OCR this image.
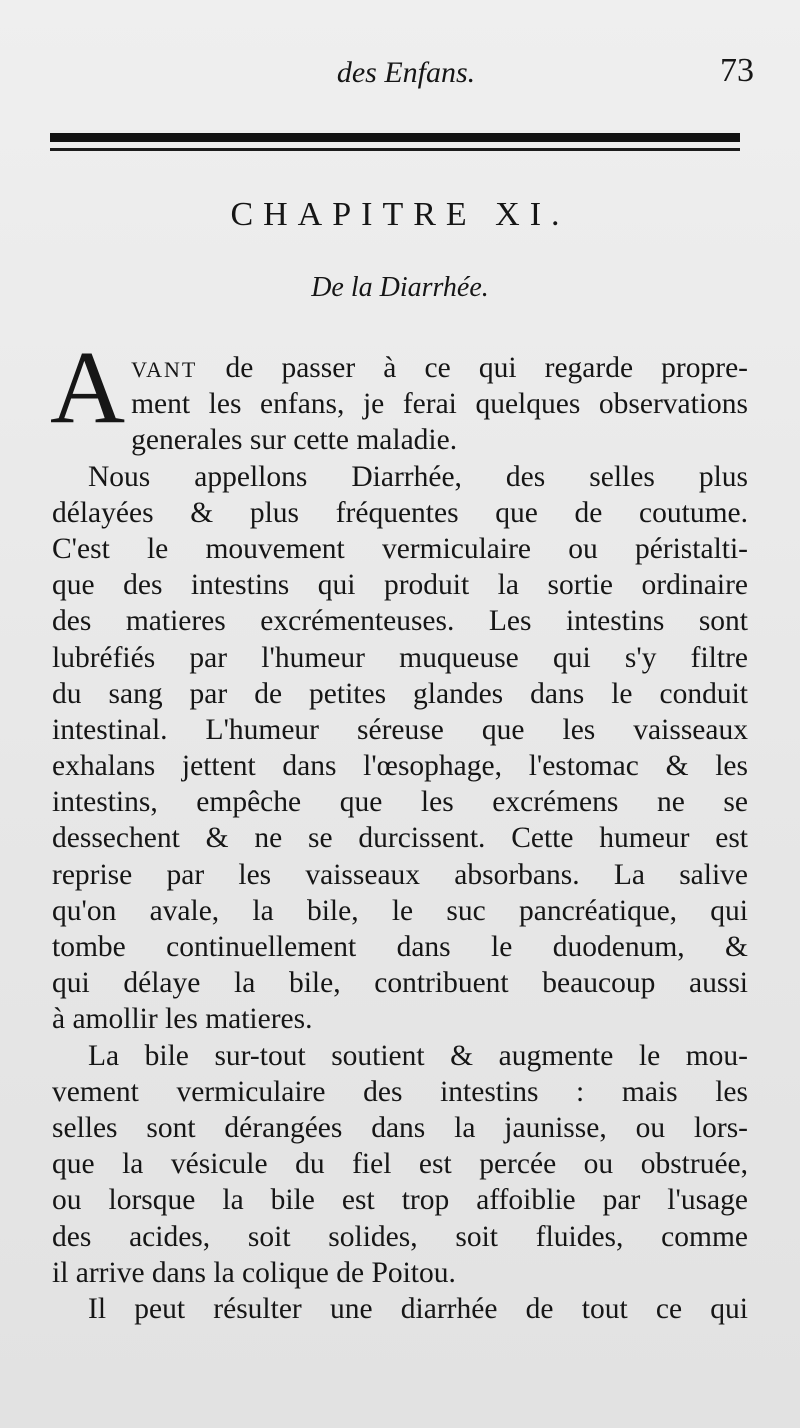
des Enfans.	73
CHAPITRE XI.
De la Diarrhée.
A VANT de passer à ce qui regarde propre-
ment les enfans, je ferai quelques observations
generales sur cette maladie.
Nous appellons Diarrhée, des selles plus
délayées & plus fréquentes que de coutume.
C'est le mouvement vermiculaire ou péristalti-
que des intestins qui produit la sortie ordinaire
des matieres excrémenteuses. Les intestins sont
lubréfiés par l'humeur muqueuse qui s'y filtre
du sang par de petites glandes dans le conduit
intestinal. L'humeur séreuse que les vaisseaux
exhalans jettent dans l'œsophage, l'estomac & les
intestins, empêche que les excrémens ne se
dessechent & ne se durcissent. Cette humeur est
reprise par les vaisseaux absorbans. La salive
qu'on avale, la bile, le suc pancréatique, qui
tombe continuellement dans le duodenum, &
qui délaye la bile, contribuent beaucoup aussi
à amollir les matieres.
La bile sur-tout soutient & augmente le mou-
vement vermiculaire des intestins : mais les
selles sont dérangées dans la jaunisse, ou lors-
que la vésicule du fiel est percée ou obstruée,
ou lorsque la bile est trop affoiblie par l'usage
des acides, soit solides, soit fluides, comme
il arrive dans la colique de Poitou.
Il peut résulter une diarrhée de tout ce qui
